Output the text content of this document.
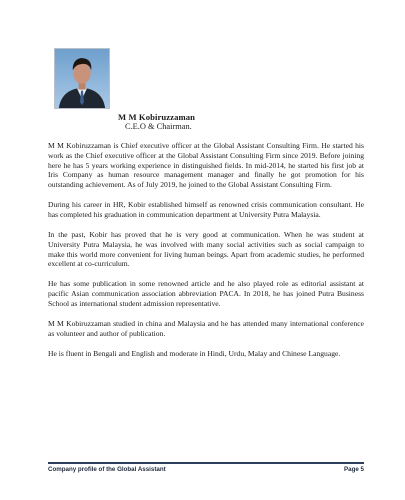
M M Kobiruzzaman
C.E.O & Chairman.

M M Kobiruzzaman is Chief executive officer at the Global Assistant Consulting Firm. He started his work as the Chief executive officer at the Global Assistant Consulting Firm since 2019. Before joining here he has 5 years working experience in distinguished fields. In mid-2014, he started his first job at Iris Company as human resource management manager and finally he got promotion for his outstanding achievement. As of July 2019, he joined to the Global Assistant Consulting Firm.

During his career in HR, Kobir established himself as renowned crisis communication consultant. He has completed his graduation in communication department at University Putra Malaysia.

In the past, Kobir has proved that he is very good at communication. When he was student at University Putra Malaysia, he was involved with many social activities such as social campaign to make this world more convenient for living human beings. Apart from academic studies, he performed excellent at co-curriculum.

He has some publication in some renowned article and he also played role as editorial assistant at pacific Asian communication association abbreviation PACA. In 2018, he has joined Putra Business School as international student admission representative.

M M Kobiruzzaman studied in china and Malaysia and he has attended many international conference as volunteer and author of publication.

He is fluent in Bengali and English and moderate in Hindi, Urdu, Malay and Chinese Language.

Company profile of the Global Assistant	Page 5
